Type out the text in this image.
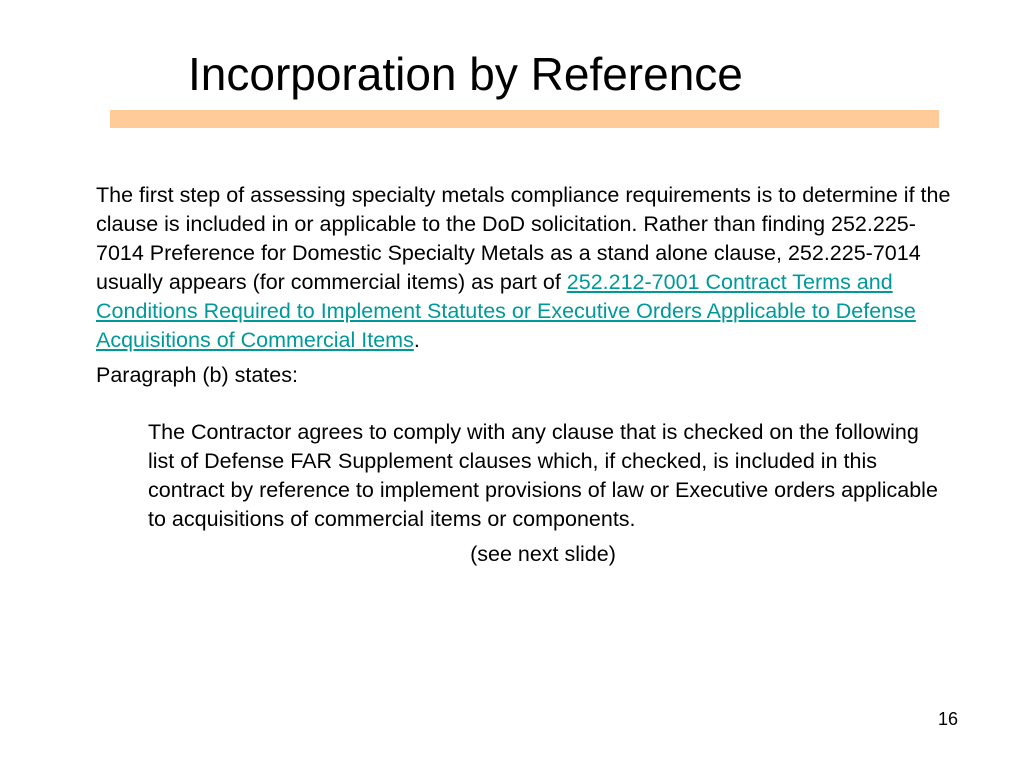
Incorporation by Reference

The first step of assessing specialty metals compliance requirements is to determine if the clause is included in or applicable to the DoD solicitation. Rather than finding 252.225-7014 Preference for Domestic Specialty Metals as a stand alone clause, 252.225-7014 usually appears (for commercial items) as part of 252.212-7001 Contract Terms and Conditions Required to Implement Statutes or Executive Orders Applicable to Defense Acquisitions of Commercial Items.

Paragraph (b) states:

The Contractor agrees to comply with any clause that is checked on the following list of Defense FAR Supplement clauses which, if checked, is included in this contract by reference to implement provisions of law or Executive orders applicable to acquisitions of commercial items or components.

(see next slide)

16
